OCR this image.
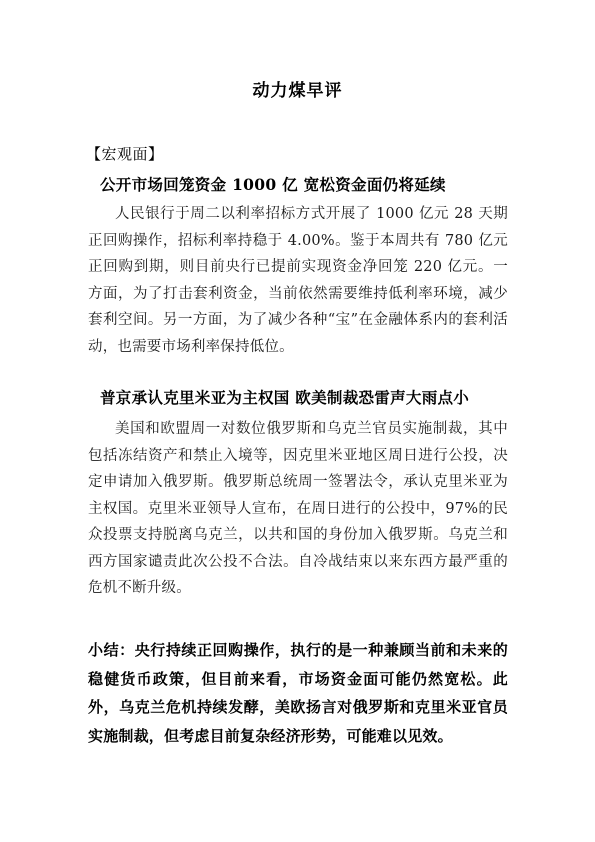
动力煤早评
【宏观面】
公开市场回笼资金 1000 亿 宽松资金面仍将延续
人民银行于周二以利率招标方式开展了 1000 亿元 28 天期正回购操作，招标利率持稳于 4.00%。鉴于本周共有 780 亿元正回购到期，则目前央行已提前实现资金净回笼 220 亿元。一方面，为了打击套利资金，当前依然需要维持低利率环境，减少套利空间。另一方面，为了减少各种“宝”在金融体系内的套利活动，也需要市场利率保持低位。
普京承认克里米亚为主权国 欧美制裁恐雷声大雨点小
美国和欧盟周一对数位俄罗斯和乌克兰官员实施制裁，其中包括冻结资产和禁止入境等，因克里米亚地区周日进行公投，决定申请加入俄罗斯。俄罗斯总统周一签署法令，承认克里米亚为主权国。克里米亚领导人宣布，在周日进行的公投中，97%的民众投票支持脱离乌克兰，以共和国的身份加入俄罗斯。乌克兰和西方国家谴责此次公投不合法。自冷战结束以来东西方最严重的危机不断升级。
小结：央行持续正回购操作，执行的是一种兼顾当前和未来的稳健货币政策，但目前来看，市场资金面可能仍然宽松。此外，乌克兰危机持续发酵，美欧扬言对俄罗斯和克里米亚官员实施制裁，但考虑目前复杂经济形势，可能难以见效。
